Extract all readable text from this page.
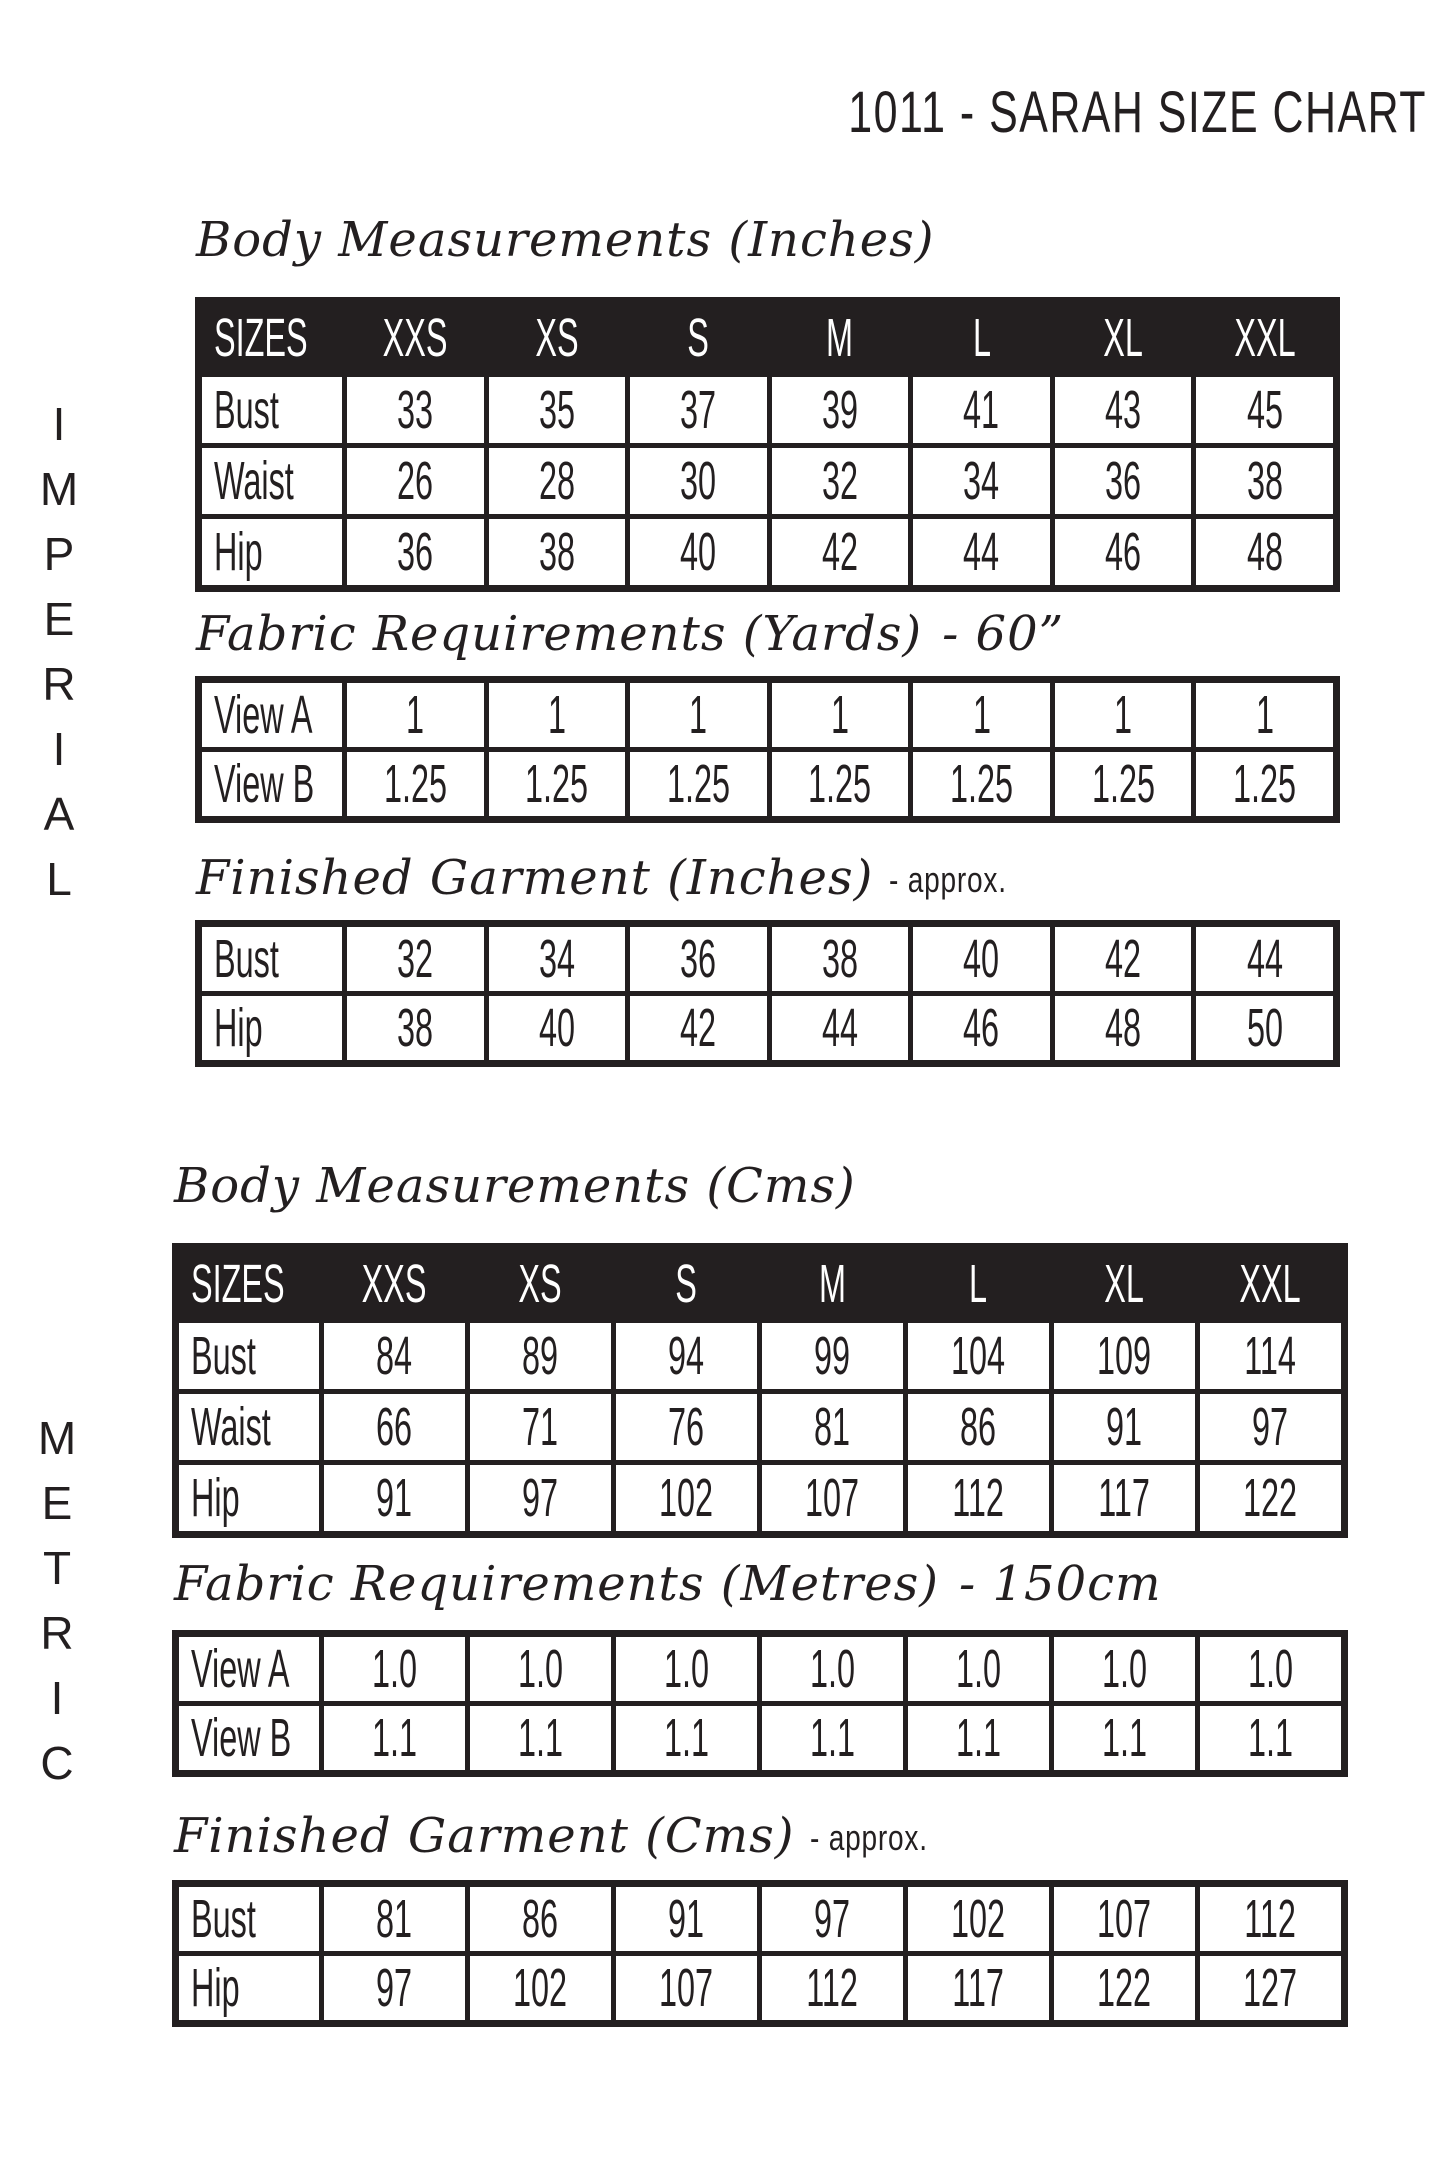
1011 - SARAH SIZE CHART
IMPERIAL
METRIC
Body Measurements (Inches)
SIZES	XXS	XS	S	M	L	XL	XXL
Bust	33	35	37	39	41	43	45
Waist	26	28	30	32	34	36	38
Hip	36	38	40	42	44	46	48
Fabric Requirements (Yards) - 60”
View A	1	1	1	1	1	1	1
View B	1.25	1.25	1.25	1.25	1.25	1.25	1.25
Finished Garment (Inches) - approx.
Bust	32	34	36	38	40	42	44
Hip	38	40	42	44	46	48	50
Body Measurements (Cms)
SIZES	XXS	XS	S	M	L	XL	XXL
Bust	84	89	94	99	104	109	114
Waist	66	71	76	81	86	91	97
Hip	91	97	102	107	112	117	122
Fabric Requirements (Metres) - 150cm
View A	1.0	1.0	1.0	1.0	1.0	1.0	1.0
View B	1.1	1.1	1.1	1.1	1.1	1.1	1.1
Finished Garment (Cms) - approx.
Bust	81	86	91	97	102	107	112
Hip	97	102	107	112	117	122	127
